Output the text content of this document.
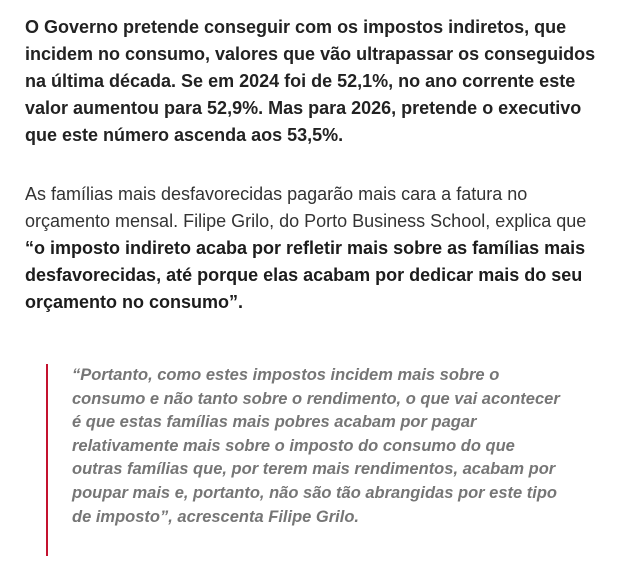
O Governo pretende conseguir com os impostos indiretos, que incidem no consumo, valores que vão ultrapassar os conseguidos na última década. Se em 2024 foi de 52,1%, no ano corrente este valor aumentou para 52,9%. Mas para 2026, pretende o executivo que este número ascenda aos 53,5%.

As famílias mais desfavorecidas pagarão mais cara a fatura no orçamento mensal. Filipe Grilo, do Porto Business School, explica que “o imposto indireto acaba por refletir mais sobre as famílias mais desfavorecidas, até porque elas acabam por dedicar mais do seu orçamento no consumo”.

“Portanto, como estes impostos incidem mais sobre o consumo e não tanto sobre o rendimento, o que vai acontecer é que estas famílias mais pobres acabam por pagar relativamente mais sobre o imposto do consumo do que outras famílias que, por terem mais rendimentos, acabam por poupar mais e, portanto, não são tão abrangidas por este tipo de imposto”, acrescenta Filipe Grilo.
